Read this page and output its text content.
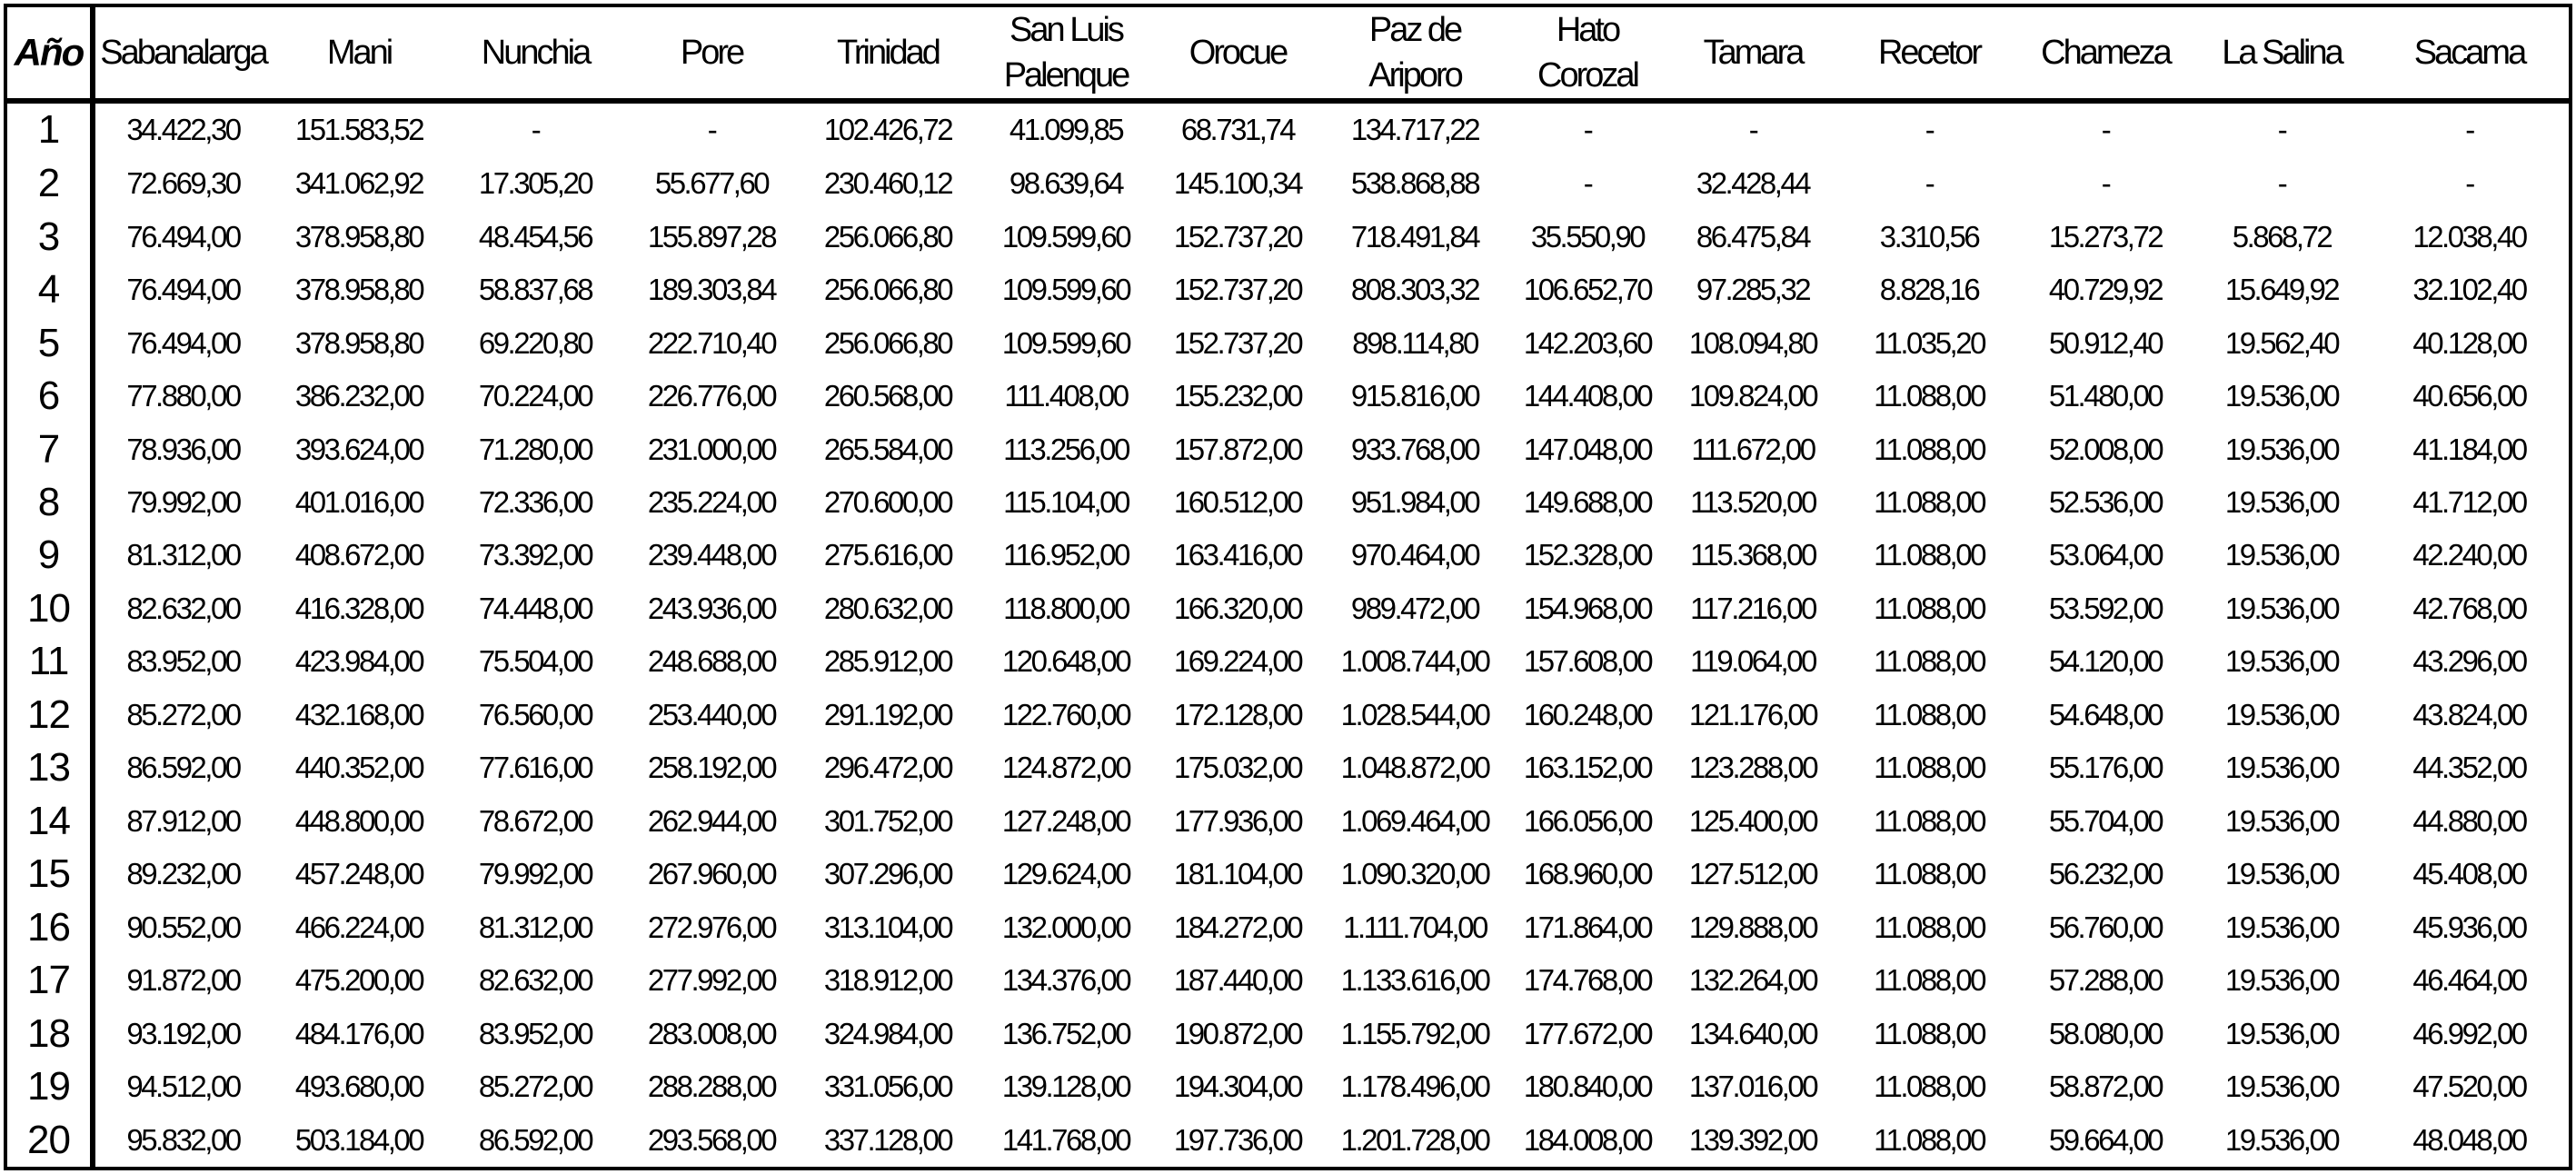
Año	Sabanalarga	Mani	Nunchia	Pore	Trinidad	San Luis Palenque	Orocue	Paz de Ariporo	Hato Corozal	Tamara	Recetor	Chameza	La Salina	Sacama
1	34.422,30	151.583,52	-	-	102.426,72	41.099,85	68.731,74	134.717,22	-	-	-	-	-	-
2	72.669,30	341.062,92	17.305,20	55.677,60	230.460,12	98.639,64	145.100,34	538.868,88	-	32.428,44	-	-	-	-
3	76.494,00	378.958,80	48.454,56	155.897,28	256.066,80	109.599,60	152.737,20	718.491,84	35.550,90	86.475,84	3.310,56	15.273,72	5.868,72	12.038,40
4	76.494,00	378.958,80	58.837,68	189.303,84	256.066,80	109.599,60	152.737,20	808.303,32	106.652,70	97.285,32	8.828,16	40.729,92	15.649,92	32.102,40
5	76.494,00	378.958,80	69.220,80	222.710,40	256.066,80	109.599,60	152.737,20	898.114,80	142.203,60	108.094,80	11.035,20	50.912,40	19.562,40	40.128,00
6	77.880,00	386.232,00	70.224,00	226.776,00	260.568,00	111.408,00	155.232,00	915.816,00	144.408,00	109.824,00	11.088,00	51.480,00	19.536,00	40.656,00
7	78.936,00	393.624,00	71.280,00	231.000,00	265.584,00	113.256,00	157.872,00	933.768,00	147.048,00	111.672,00	11.088,00	52.008,00	19.536,00	41.184,00
8	79.992,00	401.016,00	72.336,00	235.224,00	270.600,00	115.104,00	160.512,00	951.984,00	149.688,00	113.520,00	11.088,00	52.536,00	19.536,00	41.712,00
9	81.312,00	408.672,00	73.392,00	239.448,00	275.616,00	116.952,00	163.416,00	970.464,00	152.328,00	115.368,00	11.088,00	53.064,00	19.536,00	42.240,00
10	82.632,00	416.328,00	74.448,00	243.936,00	280.632,00	118.800,00	166.320,00	989.472,00	154.968,00	117.216,00	11.088,00	53.592,00	19.536,00	42.768,00
11	83.952,00	423.984,00	75.504,00	248.688,00	285.912,00	120.648,00	169.224,00	1.008.744,00	157.608,00	119.064,00	11.088,00	54.120,00	19.536,00	43.296,00
12	85.272,00	432.168,00	76.560,00	253.440,00	291.192,00	122.760,00	172.128,00	1.028.544,00	160.248,00	121.176,00	11.088,00	54.648,00	19.536,00	43.824,00
13	86.592,00	440.352,00	77.616,00	258.192,00	296.472,00	124.872,00	175.032,00	1.048.872,00	163.152,00	123.288,00	11.088,00	55.176,00	19.536,00	44.352,00
14	87.912,00	448.800,00	78.672,00	262.944,00	301.752,00	127.248,00	177.936,00	1.069.464,00	166.056,00	125.400,00	11.088,00	55.704,00	19.536,00	44.880,00
15	89.232,00	457.248,00	79.992,00	267.960,00	307.296,00	129.624,00	181.104,00	1.090.320,00	168.960,00	127.512,00	11.088,00	56.232,00	19.536,00	45.408,00
16	90.552,00	466.224,00	81.312,00	272.976,00	313.104,00	132.000,00	184.272,00	1.111.704,00	171.864,00	129.888,00	11.088,00	56.760,00	19.536,00	45.936,00
17	91.872,00	475.200,00	82.632,00	277.992,00	318.912,00	134.376,00	187.440,00	1.133.616,00	174.768,00	132.264,00	11.088,00	57.288,00	19.536,00	46.464,00
18	93.192,00	484.176,00	83.952,00	283.008,00	324.984,00	136.752,00	190.872,00	1.155.792,00	177.672,00	134.640,00	11.088,00	58.080,00	19.536,00	46.992,00
19	94.512,00	493.680,00	85.272,00	288.288,00	331.056,00	139.128,00	194.304,00	1.178.496,00	180.840,00	137.016,00	11.088,00	58.872,00	19.536,00	47.520,00
20	95.832,00	503.184,00	86.592,00	293.568,00	337.128,00	141.768,00	197.736,00	1.201.728,00	184.008,00	139.392,00	11.088,00	59.664,00	19.536,00	48.048,00
